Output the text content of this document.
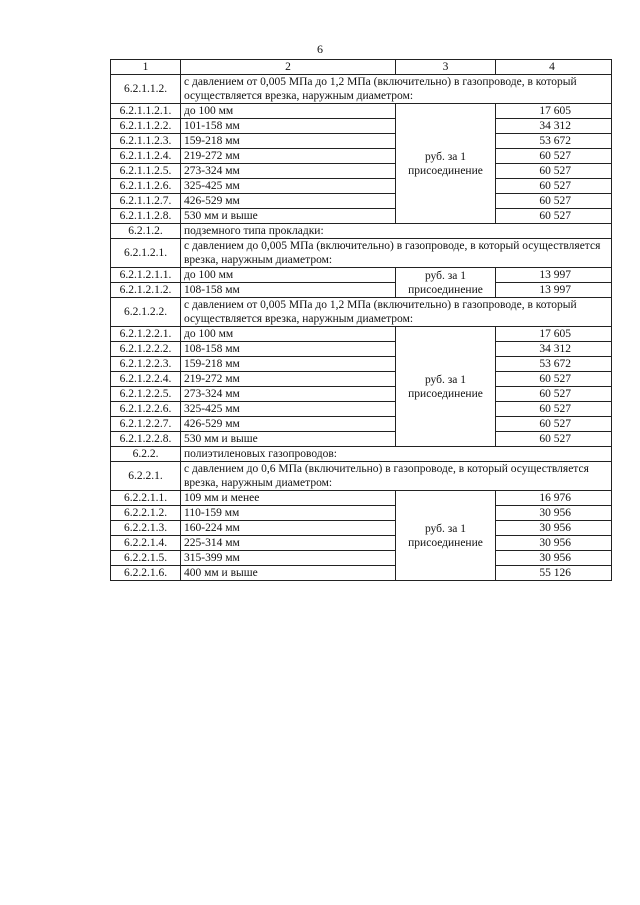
6
1	2	3	4
6.2.1.1.2.	с давлением от 0,005 МПа до 1,2 МПа (включительно) в газопроводе, в который осуществляется врезка, наружным диаметром:		
6.2.1.1.2.1.	до 100 мм	руб. за 1 присоединение	17 605
6.2.1.1.2.2.	101-158 мм		34 312
6.2.1.1.2.3.	159-218 мм		53 672
6.2.1.1.2.4.	219-272 мм		60 527
6.2.1.1.2.5.	273-324 мм		60 527
6.2.1.1.2.6.	325-425 мм		60 527
6.2.1.1.2.7.	426-529 мм		60 527
6.2.1.1.2.8.	530 мм и выше		60 527
6.2.1.2.	подземного типа прокладки:		
6.2.1.2.1.	с давлением до 0,005 МПа (включительно) в газопроводе, в который осуществляется врезка, наружным диаметром:		
6.2.1.2.1.1.	до 100 мм	руб. за 1 присоединение	13 997
6.2.1.2.1.2.	108-158 мм		13 997
6.2.1.2.2.	с давлением от 0,005 МПа до 1,2 МПа (включительно) в газопроводе, в который осуществляется врезка, наружным диаметром:		
6.2.1.2.2.1.	до 100 мм	руб. за 1 присоединение	17 605
6.2.1.2.2.2.	108-158 мм		34 312
6.2.1.2.2.3.	159-218 мм		53 672
6.2.1.2.2.4.	219-272 мм		60 527
6.2.1.2.2.5.	273-324 мм		60 527
6.2.1.2.2.6.	325-425 мм		60 527
6.2.1.2.2.7.	426-529 мм		60 527
6.2.1.2.2.8.	530 мм и выше		60 527
6.2.2.	полиэтиленовых газопроводов:		
6.2.2.1.	с давлением до 0,6 МПа (включительно) в газопроводе, в который осуществляется врезка, наружным диаметром:		
6.2.2.1.1.	109 мм и менее	руб. за 1 присоединение	16 976
6.2.2.1.2.	110-159 мм		30 956
6.2.2.1.3.	160-224 мм		30 956
6.2.2.1.4.	225-314 мм		30 956
6.2.2.1.5.	315-399 мм		30 956
6.2.2.1.6.	400 мм и выше		55 126
